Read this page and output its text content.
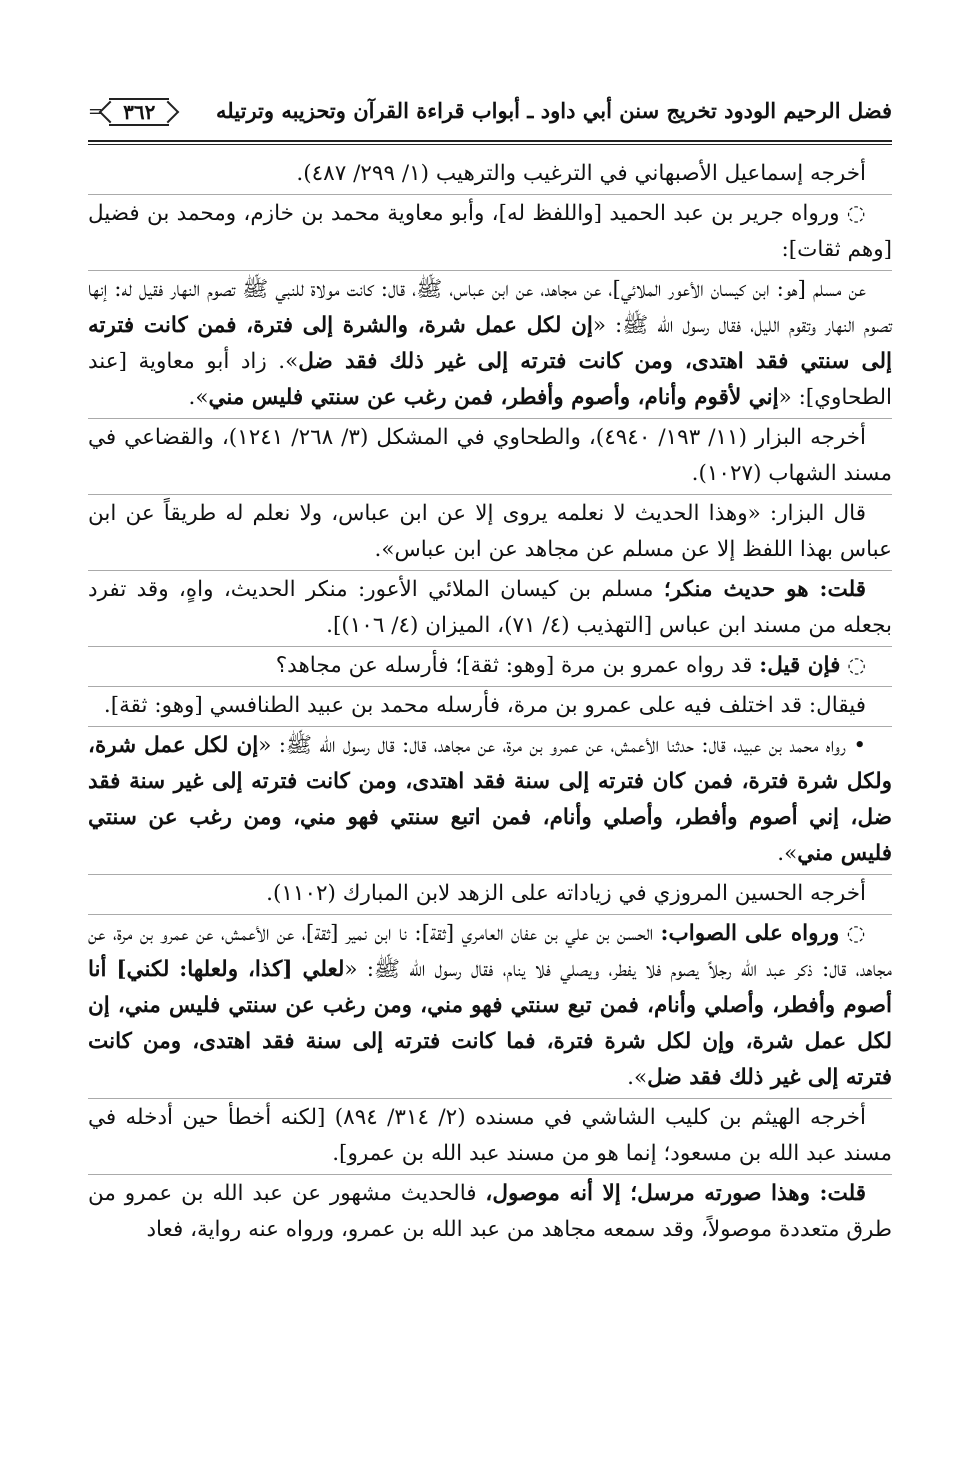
فضل الرحيم الودود تخريج سنن أبي داود ـ أبواب قراءة القرآن وتحزيبه وترتيله
=	٣٦٢

أخرجه إسماعيل الأصبهاني في الترغيب والترهيب (١/ ٢٩٩/ ٤٨٧).

◌ ورواه جرير بن عبد الحميد [واللفظ له]، وأبو معاوية محمد بن خازم، ومحمد بن فضيل [وهم ثقات]:

عن مسلم [هو: ابن كيسان الأعور الملائي]، عن مجاهد، عن ابن عباس، ﷺ، قال: كانت مولاة للنبي ﷺ تصوم النهار فقيل له: إنها تصوم النهار وتقوم الليل، فقال رسول الله ﷺ: «إن لكل عمل شرة، والشرة إلى فترة، فمن كانت فترته إلى سنتي فقد اهتدى، ومن كانت فترته إلى غير ذلك فقد ضل». زاد أبو معاوية [عند الطحاوي]: «إني لأقوم وأنام، وأصوم وأفطر، فمن رغب عن سنتي فليس مني».

أخرجه البزار (١١/ ١٩٣/ ٤٩٤٠)، والطحاوي في المشكل (٣/ ٢٦٨/ ١٢٤١)، والقضاعي في مسند الشهاب (١٠٢٧).

قال البزار: «وهذا الحديث لا نعلمه يروى إلا عن ابن عباس، ولا نعلم له طريقاً عن ابن عباس بهذا اللفظ إلا عن مسلم عن مجاهد عن ابن عباس».

قلت: هو حديث منكر؛ مسلم بن كيسان الملائي الأعور: منكر الحديث، واهٍ، وقد تفرد بجعله من مسند ابن عباس [التهذيب (٤/ ٧١)، الميزان (٤/ ١٠٦)].

◌ فإن قيل: قد رواه عمرو بن مرة [وهو: ثقة]؛ فأرسله عن مجاهد؟

فيقال: قد اختلف فيه على عمرو بن مرة، فأرسله محمد بن عبيد الطنافسي [وهو: ثقة].

• رواه محمد بن عبيد، قال: حدثنا الأعمش، عن عمرو بن مرة، عن مجاهد، قال: قال رسول الله ﷺ: «إن لكل عمل شرة، ولكل شرة فترة، فمن كان فترته إلى سنة فقد اهتدى، ومن كانت فترته إلى غير سنة فقد ضل، إني أصوم وأفطر، وأصلي وأنام، فمن اتبع سنتي فهو مني، ومن رغب عن سنتي فليس مني».

أخرجه الحسين المروزي في زياداته على الزهد لابن المبارك (١١٠٢).

◌ ورواه على الصواب: الحسن بن علي بن عفان العامري [ثقة]: نا ابن نمير [ثقة]، عن الأعمش، عن عمرو بن مرة، عن مجاهد، قال: ذكر عبد الله رجلاً يصوم فلا يفطر، ويصلي فلا ينام، فقال رسول الله ﷺ: «لعلي [كذا، ولعلها: لكني] أنا أصوم وأفطر، وأصلي وأنام، فمن تبع سنتي فهو مني، ومن رغب عن سنتي فليس مني، إن لكل عمل شرة، وإن لكل شرة فترة، فما كانت فترته إلى سنة فقد اهتدى، ومن كانت فترته إلى غير ذلك فقد ضل».

أخرجه الهيثم بن كليب الشاشي في مسنده (٢/ ٣١٤/ ٨٩٤) [لكنه أخطأ حين أدخله في مسند عبد الله بن مسعود؛ إنما هو من مسند عبد الله بن عمرو].

قلت: وهذا صورته مرسل؛ إلا أنه موصول، فالحديث مشهور عن عبد الله بن عمرو من طرق متعددة موصولاً، وقد سمعه مجاهد من عبد الله بن عمرو، ورواه عنه رواية، فعاد
